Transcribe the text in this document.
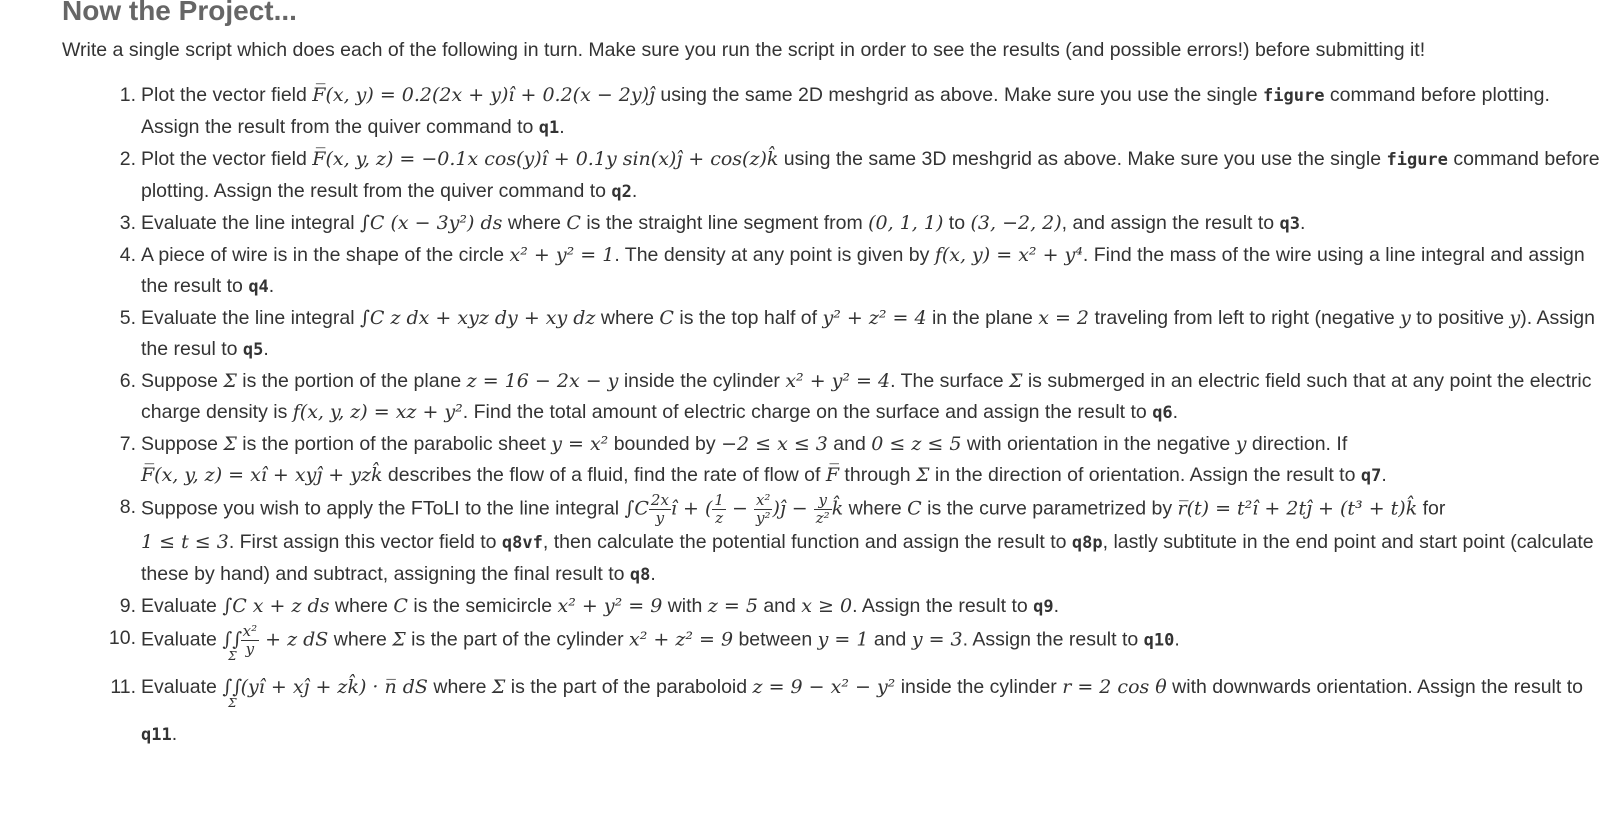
Now the Project...

Write a single script which does each of the following in turn. Make sure you run the script in order to see the results (and possible errors!) before submitting it!

1. Plot the vector field F̅(x, y) = 0.2(2x + y)î + 0.2(x − 2y)ĵ using the same 2D meshgrid as above. Make sure you use the single figure command before plotting. Assign the result from the quiver command to q1.
2. Plot the vector field F̅(x, y, z) = −0.1x cos(y)î + 0.1y sin(x)ĵ + cos(z)k̂ using the same 3D meshgrid as above. Make sure you use the single figure command before plotting. Assign the result from the quiver command to q2.
3. Evaluate the line integral ∫C (x − 3y²) ds where C is the straight line segment from (0, 1, 1) to (3, −2, 2), and assign the result to q3.
4. A piece of wire is in the shape of the circle x² + y² = 1. The density at any point is given by f(x, y) = x² + y⁴. Find the mass of the wire using a line integral and assign the result to q4.
5. Evaluate the line integral ∫C z dx + xyz dy + xy dz where C is the top half of y² + z² = 4 in the plane x = 2 traveling from left to right (negative y to positive y). Assign the resul to q5.
6. Suppose Σ is the portion of the plane z = 16 − 2x − y inside the cylinder x² + y² = 4. The surface Σ is submerged in an electric field such that at any point the electric charge density is f(x, y, z) = xz + y². Find the total amount of electric charge on the surface and assign the result to q6.
7. Suppose Σ is the portion of the parabolic sheet y = x² bounded by −2 ≤ x ≤ 3 and 0 ≤ z ≤ 5 with orientation in the negative y direction. If
F̅(x, y, z) = xî + xyĵ + yzk̂ describes the flow of a fluid, find the rate of flow of F̅ through Σ in the direction of orientation. Assign the result to q7.
8. Suppose you wish to apply the FToLI to the line integral $\int C \frac{2x}{y}$ î + ( $\frac{1}{z} - \frac{\text{x²}}{\text{y²}}$ )ĵ − $\frac{y}{\text{z²}}$ k̂ where C is the curve parametrized by r̅(t) = t²î + 2tĵ + (t³ + t)k̂ for
1 ≤ t ≤ 3. First assign this vector field to q8vf, then calculate the potential function and assign the result to q8p, lastly subtitute in the end point and start point (calculate these by hand) and subtract, assigning the final result to q8.
9. Evaluate ∫C x + z ds where C is the semicircle x² + y² = 9 with z = 5 and x ≥ 0. Assign the result to q9.
10. Evaluate $\int\int\Sigma \frac{\text{x²}}{y} + z$ dS where Σ is the part of the cylinder x² + z² = 9 between y = 1 and y = 3. Assign the result to q10.
11. Evaluate ∫∫Σ(yî + xĵ + zk̂) · n̅ dS where Σ is the part of the paraboloid z = 9 − x² − y² inside the cylinder r = 2 cos θ with downwards orientation. Assign the result to q11.
